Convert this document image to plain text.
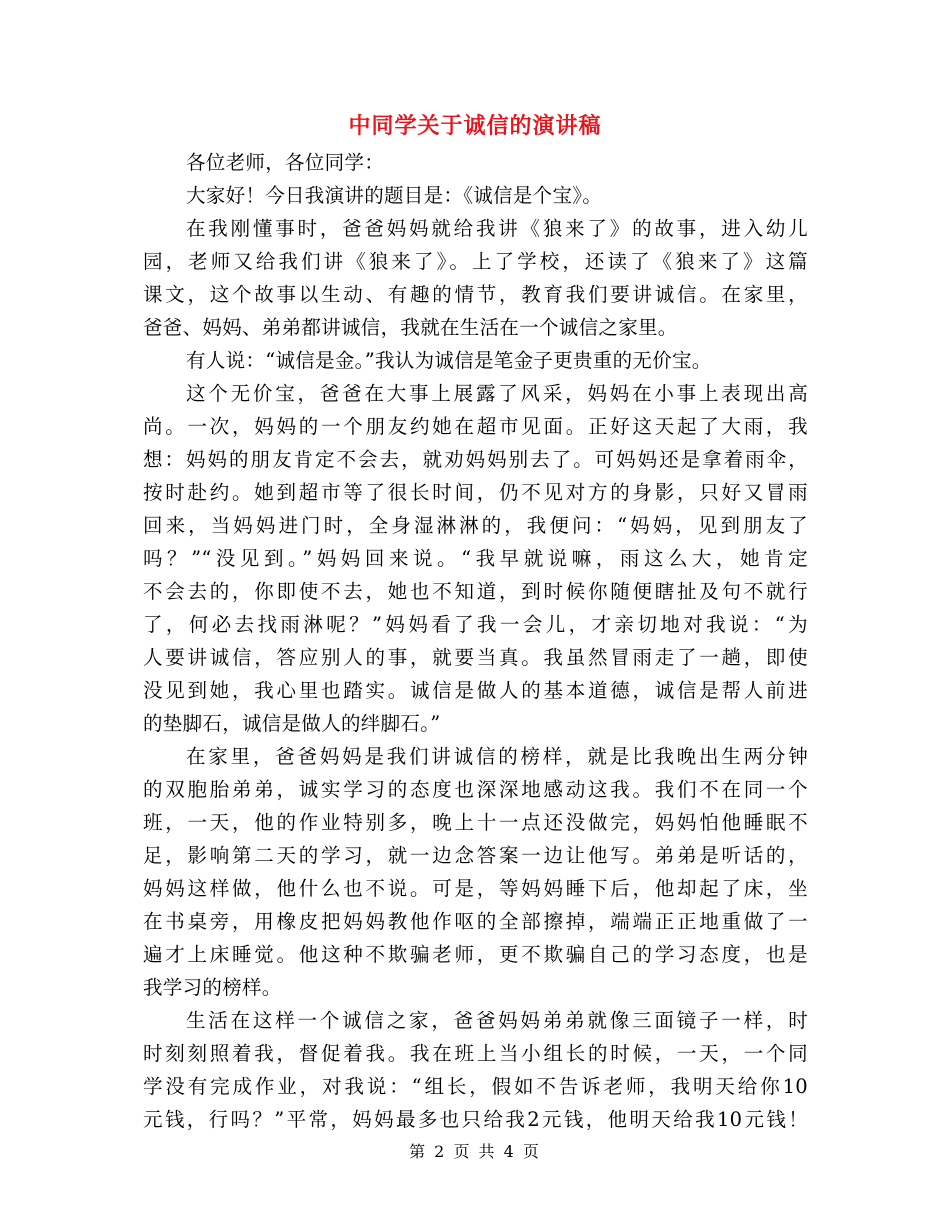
中同学关于诚信的演讲稿
各位老师，各位同学：
大家好！今日我演讲的题目是：《诚信是个宝》。
在我刚懂事时，爸爸妈妈就给我讲《狼来了》的故事，进入幼儿
园，老师又给我们讲《狼来了》。上了学校，还读了《狼来了》这篇
课文，这个故事以生动、有趣的情节，教育我们要讲诚信。在家里，
爸爸、妈妈、弟弟都讲诚信，我就在生活在一个诚信之家里。
有人说：“诚信是金。”我认为诚信是笔金子更贵重的无价宝。
这个无价宝，爸爸在大事上展露了风采，妈妈在小事上表现出高
尚。一次，妈妈的一个朋友约她在超市见面。正好这天起了大雨，我
想：妈妈的朋友肯定不会去，就劝妈妈别去了。可妈妈还是拿着雨伞，
按时赴约。她到超市等了很长时间，仍不见对方的身影，只好又冒雨
回来，当妈妈进门时，全身湿淋淋的，我便问：“妈妈，见到朋友了
吗？”“没见到。”妈妈回来说。“我早就说嘛，雨这么大，她肯定
不会去的，你即使不去，她也不知道，到时候你随便瞎扯及句不就行
了，何必去找雨淋呢？”妈妈看了我一会儿，才亲切地对我说：“为
人要讲诚信，答应别人的事，就要当真。我虽然冒雨走了一趟，即使
没见到她，我心里也踏实。诚信是做人的基本道德，诚信是帮人前进
的垫脚石，诚信是做人的绊脚石。”
在家里，爸爸妈妈是我们讲诚信的榜样，就是比我晚出生两分钟
的双胞胎弟弟，诚实学习的态度也深深地感动这我。我们不在同一个
班，一天，他的作业特别多，晚上十一点还没做完，妈妈怕他睡眠不
足，影响第二天的学习，就一边念答案一边让他写。弟弟是听话的，
妈妈这样做，他什么也不说。可是，等妈妈睡下后，他却起了床，坐
在书桌旁，用橡皮把妈妈教他作呕的全部擦掉，端端正正地重做了一
遍才上床睡觉。他这种不欺骗老师，更不欺骗自己的学习态度，也是
我学习的榜样。
生活在这样一个诚信之家，爸爸妈妈弟弟就像三面镜子一样，时
时刻刻照着我，督促着我。我在班上当小组长的时候，一天，一个同
学没有完成作业，对我说：“组长，假如不告诉老师，我明天给你10
元钱，行吗？”平常，妈妈最多也只给我2元钱，他明天给我10元钱！
第 2 页 共 4 页
